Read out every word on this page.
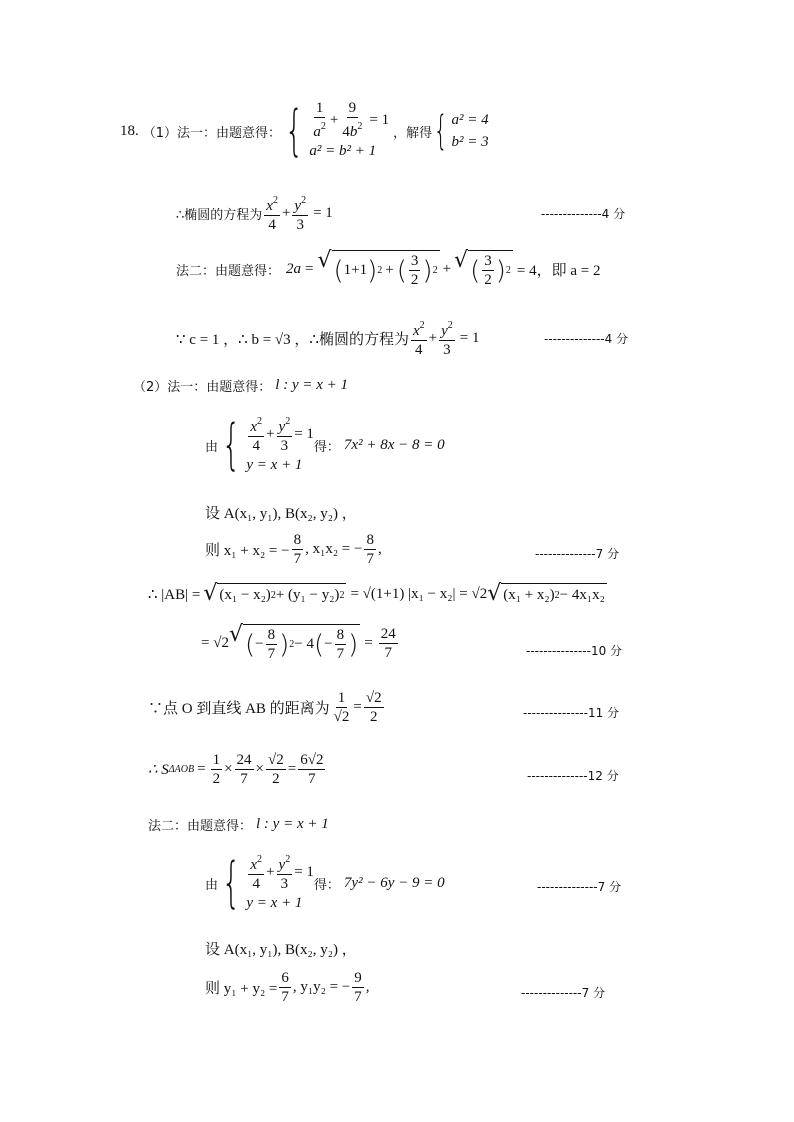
18. （1）法一：由题意得： { $\frac{1}{a^2} + \frac{9}{4b^2} = 1$
a² = b² + 1
，解得 { a² = 4
b² = 3
∴椭圆的方程为 $\frac{x^2}{4} + \frac{y^2}{3} = 1$	--------------4 分
法二：由题意得： 2a = √ ( 1+1 ) 2 + ( $\frac{3}{2}$ ) 2 + √ ( $\frac{3}{2}$ ) 2 = 4，即 a = 2
∵ c = 1 ，∴ b = √3 ，∴椭圆的方程为 $\frac{x^2}{4} + \frac{y^2}{3} = 1$	--------------4 分
（2）法一：由题意得： l : y = x + 1
由 { $\frac{x^2}{4} + \frac{y^2}{3} = 1$
y = x + 1
得： 7x² + 8x − 8 = 0
设 A(x₁, y₁), B(x₂, y₂) ，
则 x₁ + x₂ = − $\frac{8}{7}$ , x₁x₂ = − $\frac{8}{7}$ ,	--------------7 分
∴ |AB| = √ (x₁ − x₂) 2 + (y₁ − y₂) 2 = √(1+1) |x₁ − x₂| = √2 √ (x₁ + x₂) 2 − 4x₁x₂
= √2 √ ( − $\frac{8}{7}$ ) 2 − 4 ( − $\frac{8}{7}$ ) = $\frac{24}{7}$	---------------10 分
∵点 O 到直线 AB 的距离为 $\frac{1}{√2} = \frac{√2}{2}$	---------------11 分
∴ S $\Delta AOB = \frac{1}{2} \times \frac{24}{7} \times \frac{√2}{2} = \frac{6√2}{7}$	--------------12 分
法二：由题意得： l : y = x + 1
由 { $\frac{x^2}{4} + \frac{y^2}{3} = 1$
y = x + 1
得： 7y² − 6y − 9 = 0	--------------7 分
设 A(x₁, y₁), B(x₂, y₂) ，
则 $y_1 + y_2 = \frac{6}{7}$ , y₁y₂ = − $\frac{9}{7}$ ,	--------------7 分
